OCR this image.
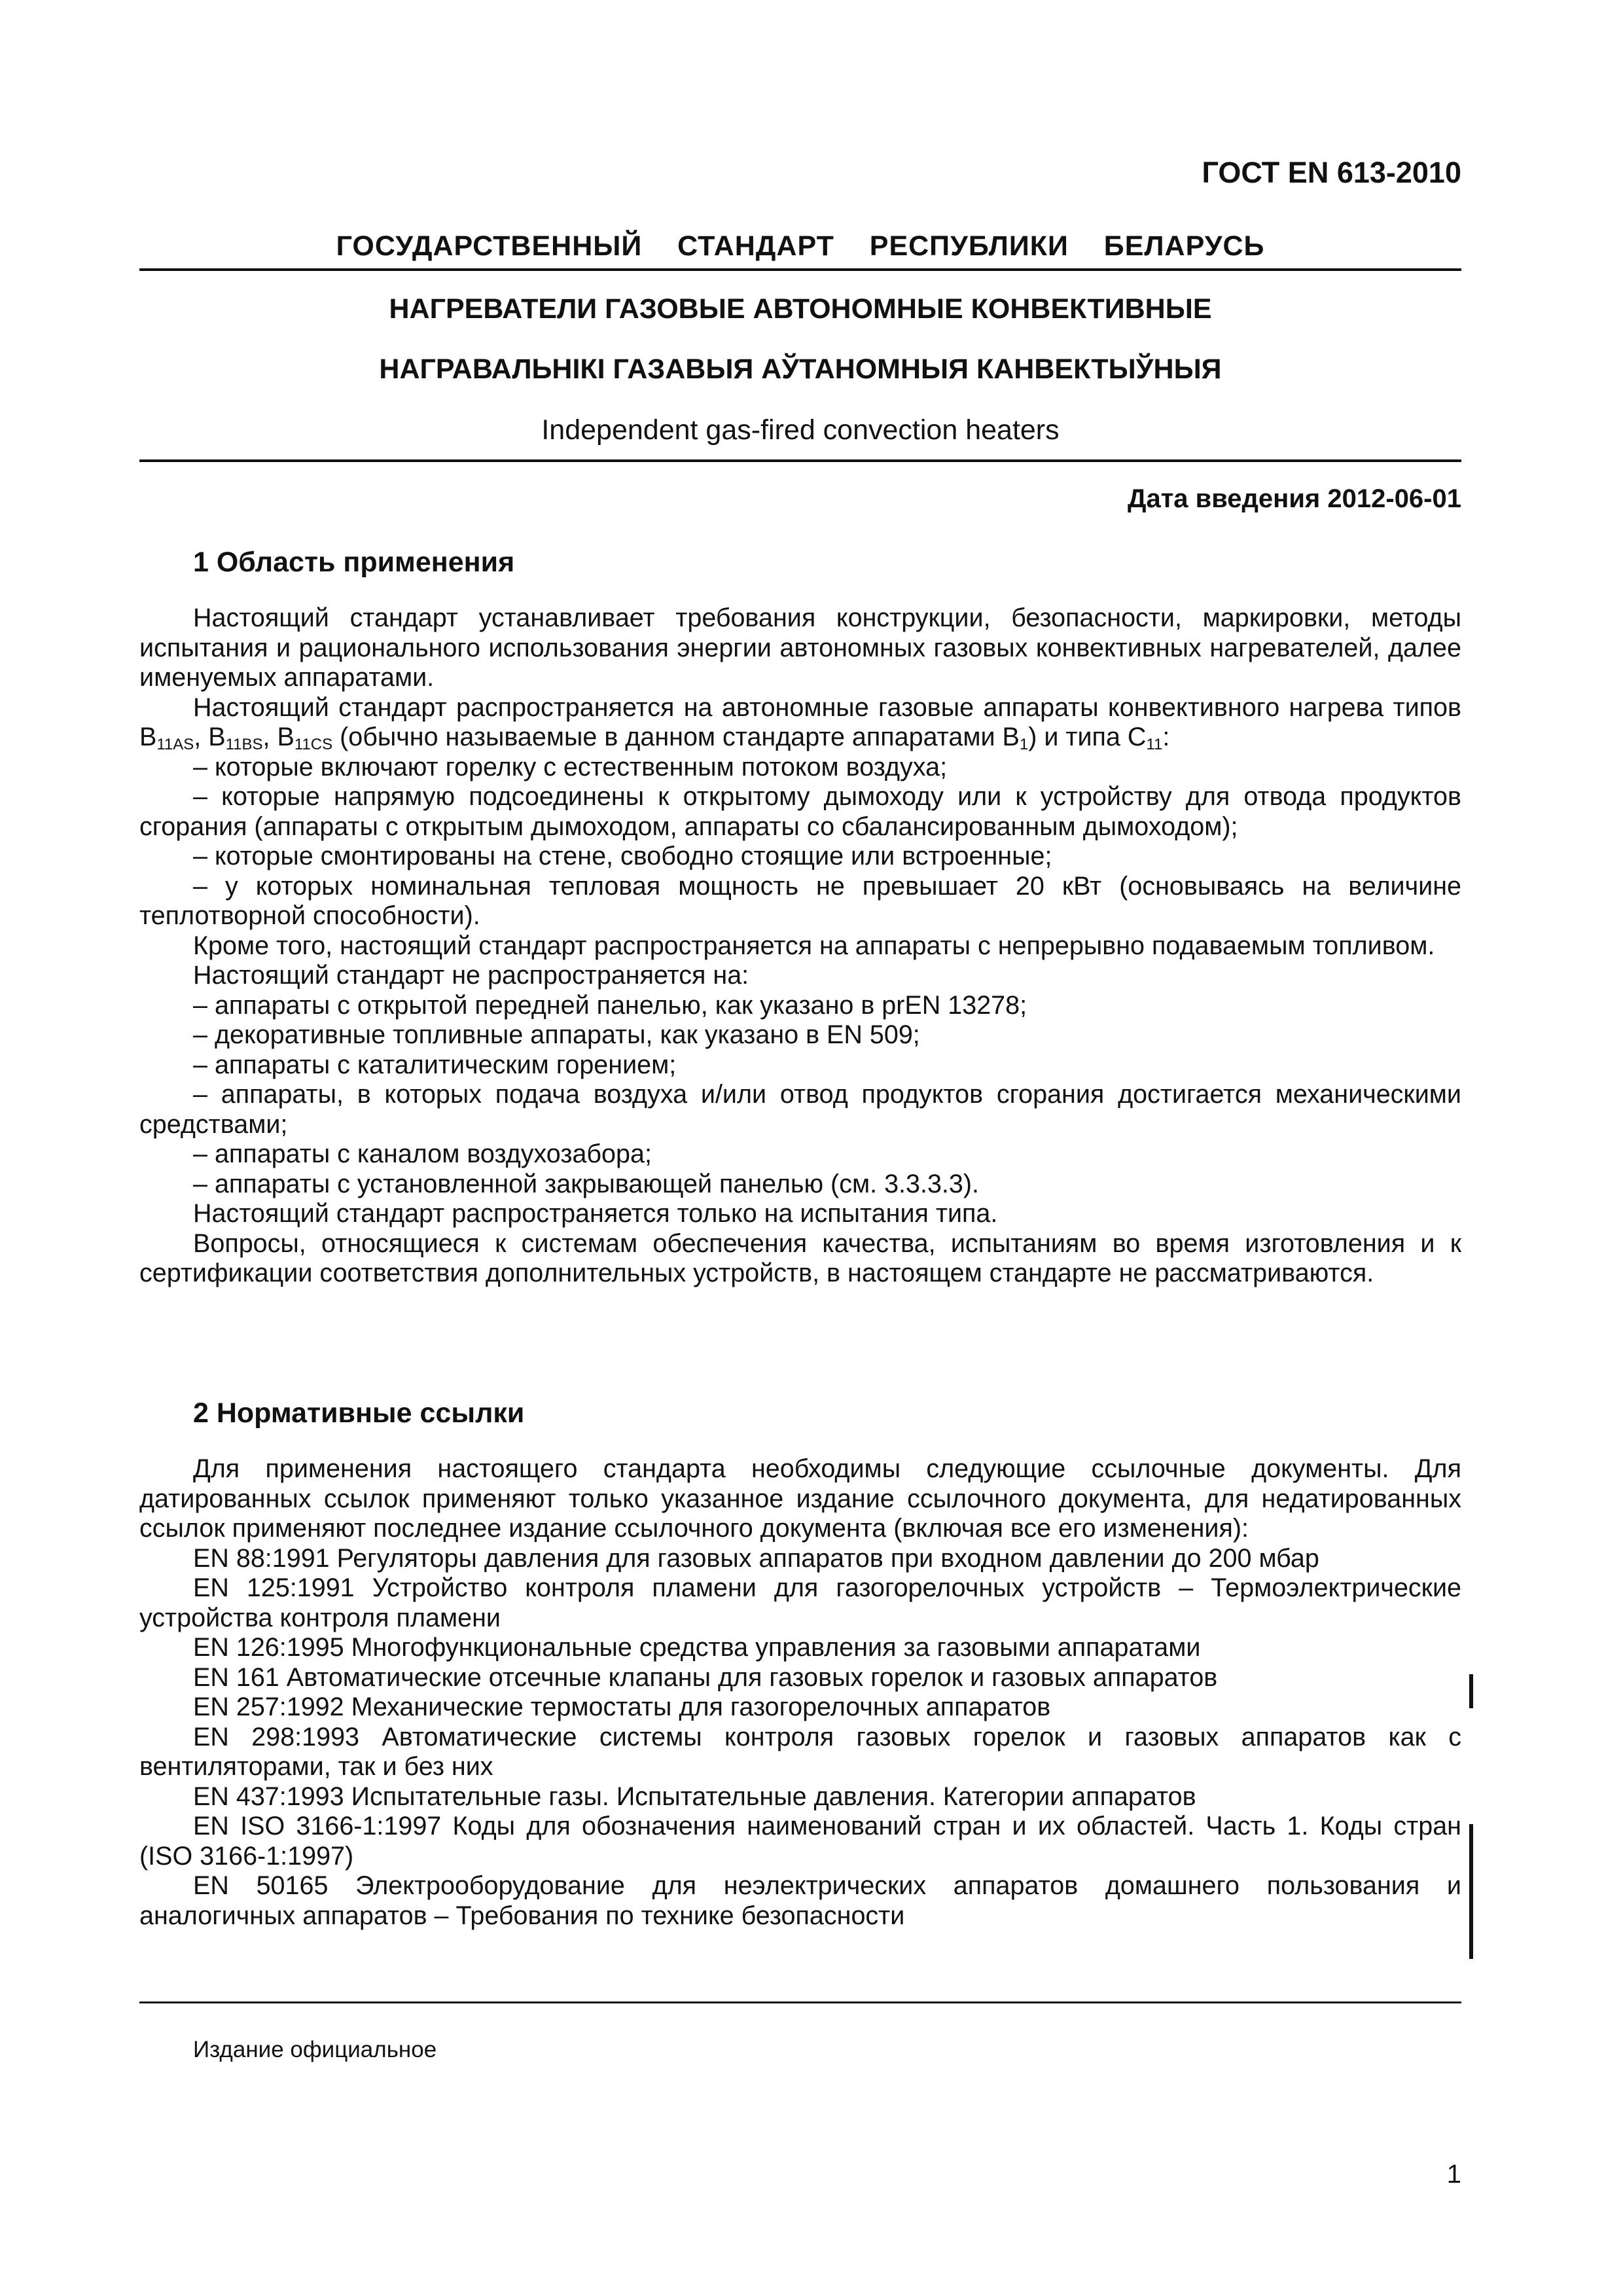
ГОСТ EN 613-2010
ГОСУДАРСТВЕННЫЙ  СТАНДАРТ  РЕСПУБЛИКИ  БЕЛАРУСЬ
НАГРЕВАТЕЛИ ГАЗОВЫЕ АВТОНОМНЫЕ КОНВЕКТИВНЫЕ
НАГРАВАЛЬНІКІ ГАЗАВЫЯ АЎТАНОМНЫЯ КАНВЕКТЫЎНЫЯ
Independent gas-fired convection heaters
Дата введения 2012-06-01
1 Область применения

Настоящий стандарт устанавливает требования конструкции, безопасности, маркировки, методы испытания и рационального использования энергии автономных газовых конвективных нагревателей, далее именуемых аппаратами.

Настоящий стандарт распространяется на автономные газовые аппараты конвективного нагрева типов $B_{11AS}$, $B_{11BS}$, $B_{11CS}$ (обычно называемые в данном стандарте аппаратами $B_1$) и типа $C_{11}$:

– которые включают горелку с естественным потоком воздуха;

– которые напрямую подсоединены к открытому дымоходу или к устройству для отвода продуктов сгорания (аппараты с открытым дымоходом, аппараты со сбалансированным дымоходом);

– которые смонтированы на стене, свободно стоящие или встроенные;

– у которых номинальная тепловая мощность не превышает 20 кВт (основываясь на величине теплотворной способности).

Кроме того, настоящий стандарт распространяется на аппараты с непрерывно подаваемым топливом.

Настоящий стандарт не распространяется на:

– аппараты с открытой передней панелью, как указано в prEN 13278;

– декоративные топливные аппараты, как указано в EN 509;

– аппараты с каталитическим горением;

– аппараты, в которых подача воздуха и/или отвод продуктов сгорания достигается механическими средствами;

– аппараты с каналом воздухозабора;

– аппараты с установленной закрывающей панелью (см. 3.3.3.3).

Настоящий стандарт распространяется только на испытания типа.

Вопросы, относящиеся к системам обеспечения качества, испытаниям во время изготовления и к сертификации соответствия дополнительных устройств, в настоящем стандарте не рассматриваются.

2 Нормативные ссылки

Для применения настоящего стандарта необходимы следующие ссылочные документы. Для датированных ссылок применяют только указанное издание ссылочного документа, для недатированных ссылок применяют последнее издание ссылочного документа (включая все его изменения):

EN 88:1991 Регуляторы давления для газовых аппаратов при входном давлении до 200 мбар

EN 125:1991 Устройство контроля пламени для газогорелочных устройств – Термоэлектрические устройства контроля пламени

EN 126:1995 Многофункциональные средства управления за газовыми аппаратами

EN 161 Автоматические отсечные клапаны для газовых горелок и газовых аппаратов

EN 257:1992 Механические термостаты для газогорелочных аппаратов

EN 298:1993 Автоматические системы контроля газовых горелок и газовых аппаратов как с вентиляторами, так и без них

EN 437:1993 Испытательные газы. Испытательные давления. Категории аппаратов

EN ISO 3166-1:1997 Коды для обозначения наименований стран и их областей. Часть 1. Коды стран (ISO 3166-1:1997)

EN 50165 Электрооборудование для неэлектрических аппаратов домашнего пользования и аналогичных аппаратов – Требования по технике безопасности

Издание официальное
1
